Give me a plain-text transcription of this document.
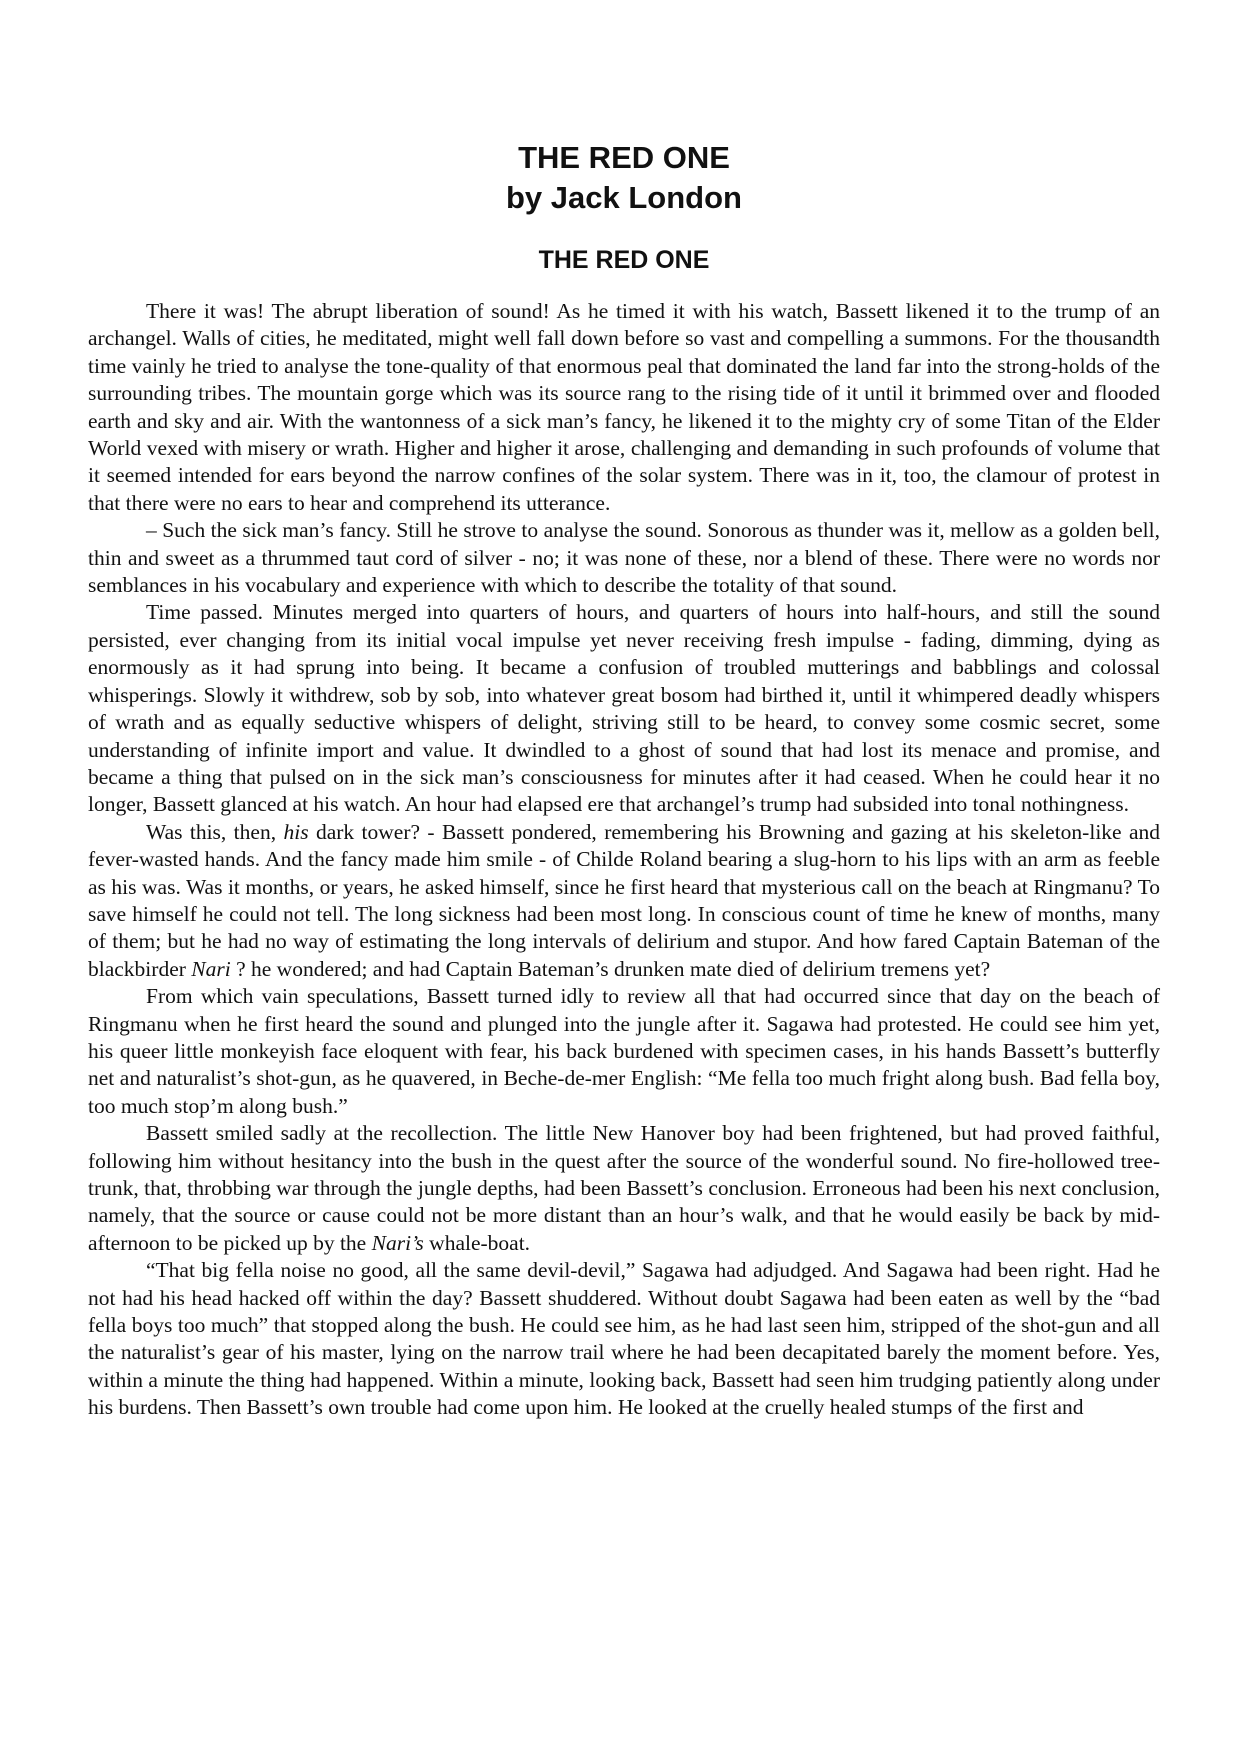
THE RED ONE
by Jack London
THE RED ONE

There it was! The abrupt liberation of sound! As he timed it with his watch, Bassett likened it to the trump of an archangel. Walls of cities, he meditated, might well fall down before so vast and compelling a summons. For the thousandth time vainly he tried to analyse the tone-quality of that enormous peal that dominated the land far into the strong-holds of the surrounding tribes. The mountain gorge which was its source rang to the rising tide of it until it brimmed over and flooded earth and sky and air. With the wantonness of a sick man’s fancy, he likened it to the mighty cry of some Titan of the Elder World vexed with misery or wrath. Higher and higher it arose, challenging and demanding in such profounds of volume that it seemed intended for ears beyond the narrow confines of the solar system. There was in it, too, the clamour of protest in that there were no ears to hear and comprehend its utterance.

– Such the sick man’s fancy. Still he strove to analyse the sound. Sonorous as thunder was it, mellow as a golden bell, thin and sweet as a thrummed taut cord of silver - no; it was none of these, nor a blend of these. There were no words nor semblances in his vocabulary and experience with which to describe the totality of that sound.

Time passed. Minutes merged into quarters of hours, and quarters of hours into half-hours, and still the sound persisted, ever changing from its initial vocal impulse yet never receiving fresh impulse - fading, dimming, dying as enormously as it had sprung into being. It became a confusion of troubled mutterings and babblings and colossal whisperings. Slowly it withdrew, sob by sob, into whatever great bosom had birthed it, until it whimpered deadly whispers of wrath and as equally seductive whispers of delight, striving still to be heard, to convey some cosmic secret, some understanding of infinite import and value. It dwindled to a ghost of sound that had lost its menace and promise, and became a thing that pulsed on in the sick man’s consciousness for minutes after it had ceased. When he could hear it no longer, Bassett glanced at his watch. An hour had elapsed ere that archangel’s trump had subsided into tonal nothingness.

Was this, then, his dark tower? - Bassett pondered, remembering his Browning and gazing at his skeleton-like and fever-wasted hands. And the fancy made him smile - of Childe Roland bearing a slug-horn to his lips with an arm as feeble as his was. Was it months, or years, he asked himself, since he first heard that mysterious call on the beach at Ringmanu? To save himself he could not tell. The long sickness had been most long. In conscious count of time he knew of months, many of them; but he had no way of estimating the long intervals of delirium and stupor. And how fared Captain Bateman of the blackbirder Nari ? he wondered; and had Captain Bateman’s drunken mate died of delirium tremens yet?

From which vain speculations, Bassett turned idly to review all that had occurred since that day on the beach of Ringmanu when he first heard the sound and plunged into the jungle after it. Sagawa had protested. He could see him yet, his queer little monkeyish face eloquent with fear, his back burdened with specimen cases, in his hands Bassett’s butterfly net and naturalist’s shot-gun, as he quavered, in Beche-de-mer English: “Me fella too much fright along bush. Bad fella boy, too much stop’m along bush.”

Bassett smiled sadly at the recollection. The little New Hanover boy had been frightened, but had proved faithful, following him without hesitancy into the bush in the quest after the source of the wonderful sound. No fire-hollowed tree-trunk, that, throbbing war through the jungle depths, had been Bassett’s conclusion. Erroneous had been his next conclusion, namely, that the source or cause could not be more distant than an hour’s walk, and that he would easily be back by mid-afternoon to be picked up by the Nari’s whale-boat.

“That big fella noise no good, all the same devil-devil,” Sagawa had adjudged. And Sagawa had been right. Had he not had his head hacked off within the day? Bassett shuddered. Without doubt Sagawa had been eaten as well by the “bad fella boys too much” that stopped along the bush. He could see him, as he had last seen him, stripped of the shot-gun and all the naturalist’s gear of his master, lying on the narrow trail where he had been decapitated barely the moment before. Yes, within a minute the thing had happened. Within a minute, looking back, Bassett had seen him trudging patiently along under his burdens. Then Bassett’s own trouble had come upon him. He looked at the cruelly healed stumps of the first and
